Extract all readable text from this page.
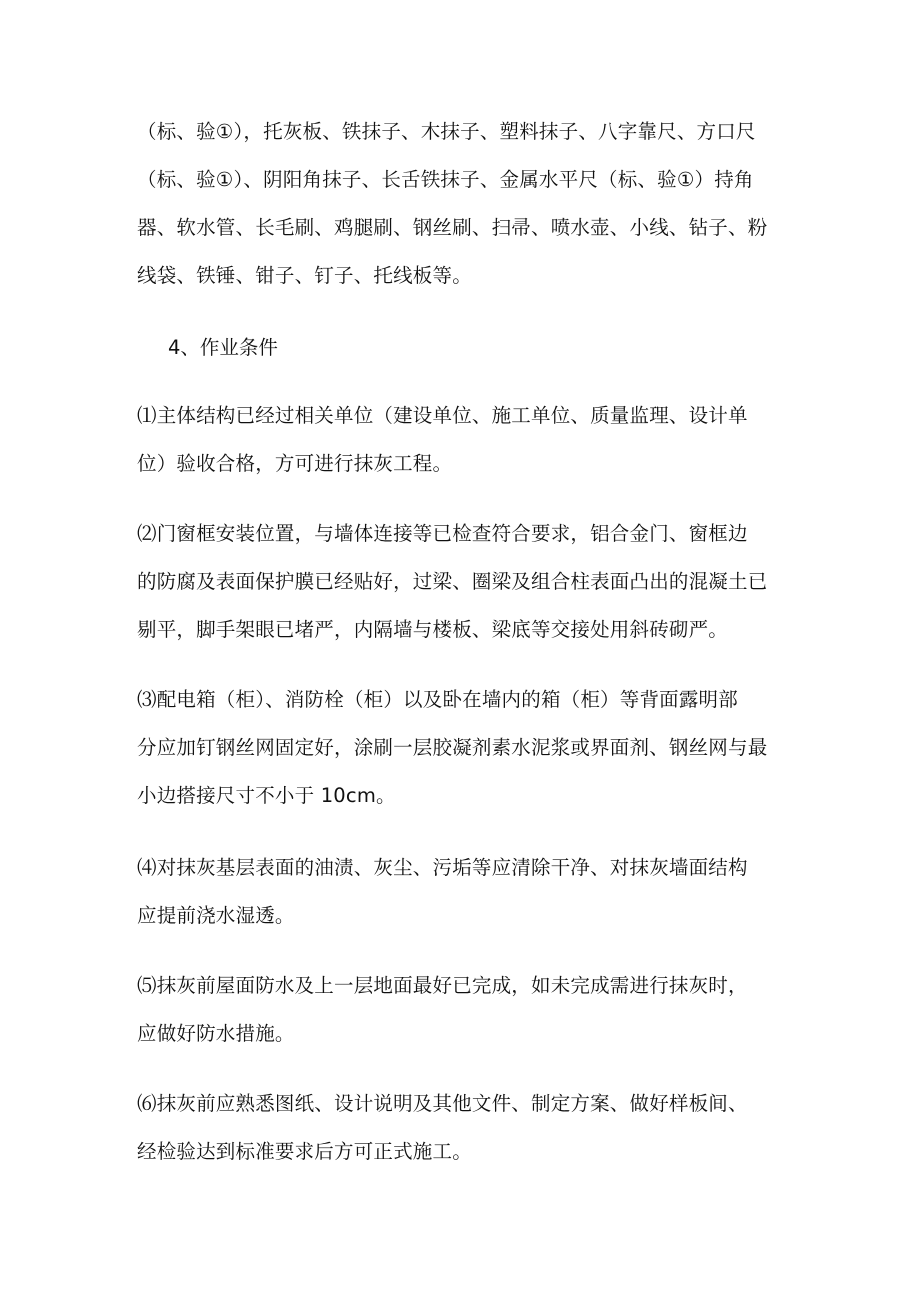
（标、验①），托灰板、铁抹子、木抹子、塑料抹子、八字靠尺、方口尺
（标、验①）、阴阳角抹子、长舌铁抹子、金属水平尺（标、验①）持角
器、软水管、长毛刷、鸡腿刷、钢丝刷、扫帚、喷水壶、小线、钻子、粉
线袋、铁锤、钳子、钉子、托线板等。
4、作业条件
⑴主体结构已经过相关单位（建设单位、施工单位、质量监理、设计单
位）验收合格，方可进行抹灰工程。
⑵门窗框安装位置，与墙体连接等已检查符合要求，铝合金门、窗框边
的防腐及表面保护膜已经贴好，过梁、圈梁及组合柱表面凸出的混凝土已
剔平，脚手架眼已堵严，内隔墙与楼板、梁底等交接处用斜砖砌严。
⑶配电箱（柜）、消防栓（柜）以及卧在墙内的箱（柜）等背面露明部
分应加钉钢丝网固定好，涂刷一层胶凝剂素水泥浆或界面剂、钢丝网与最
小边搭接尺寸不小于 10cm。
⑷对抹灰基层表面的油渍、灰尘、污垢等应清除干净、对抹灰墙面结构
应提前浇水湿透。
⑸抹灰前屋面防水及上一层地面最好已完成，如未完成需进行抹灰时，
应做好防水措施。
⑹抹灰前应熟悉图纸、设计说明及其他文件、制定方案、做好样板间、
经检验达到标准要求后方可正式施工。
